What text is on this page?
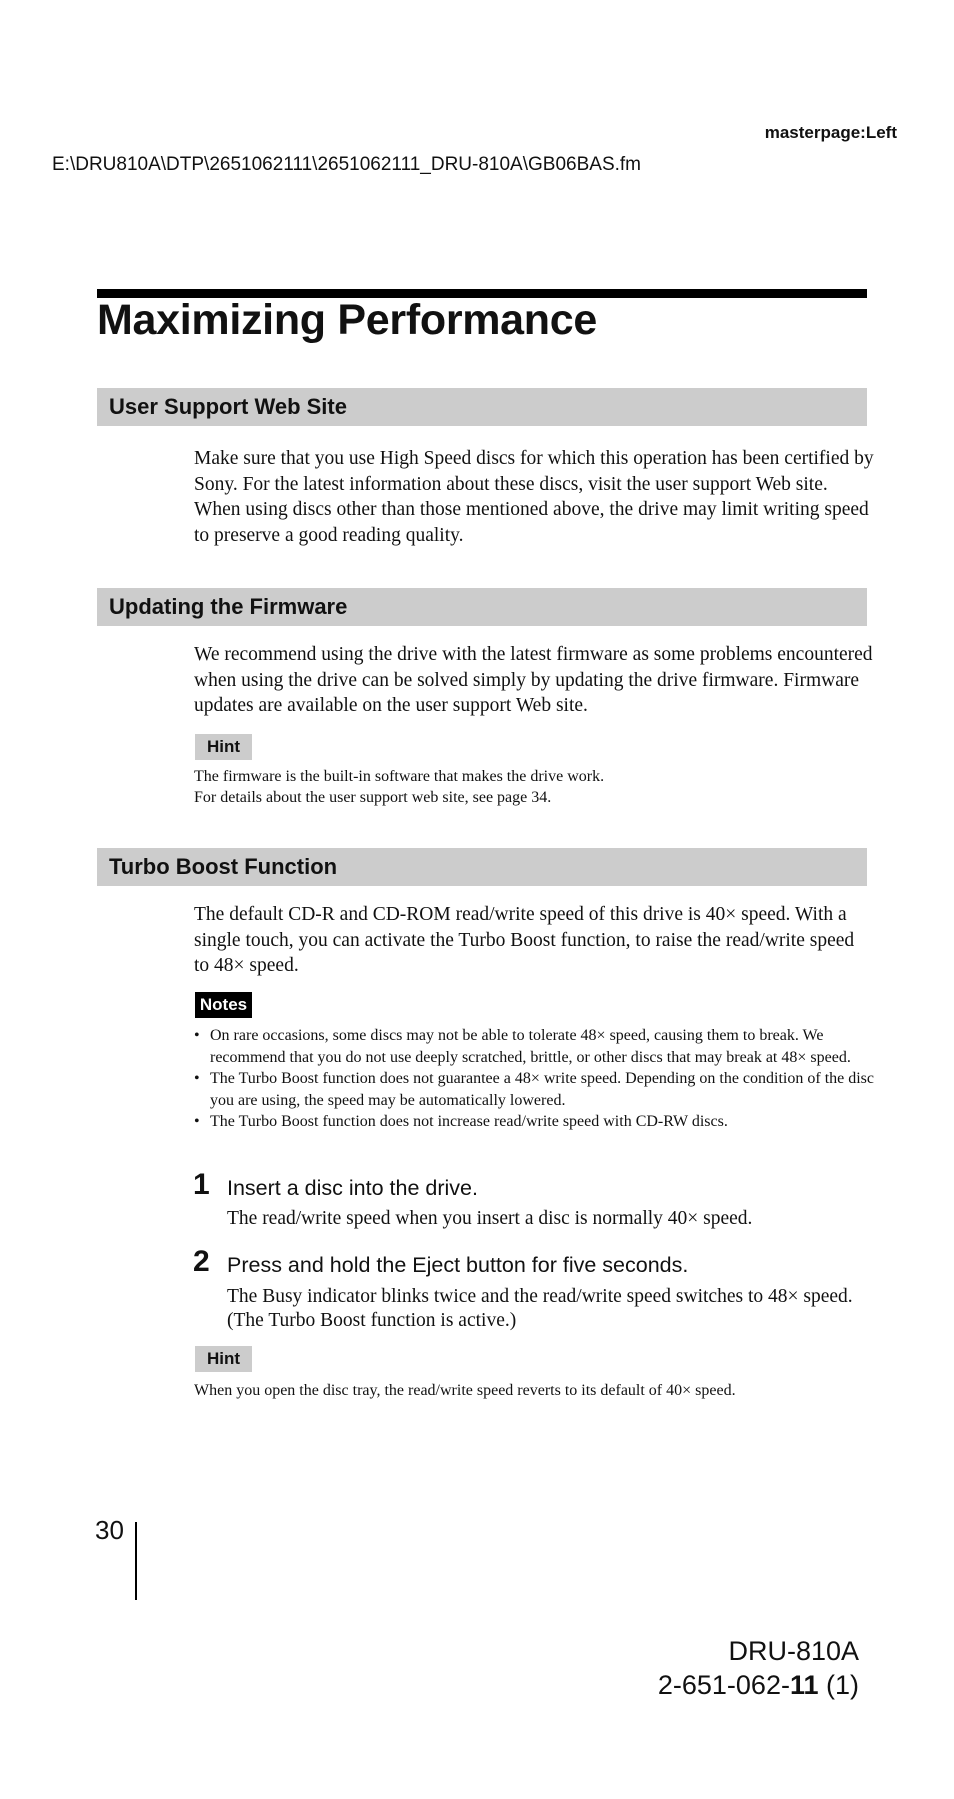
masterpage:Left
E:\DRU810A\DTP\2651062111\2651062111_DRU-810A\GB06BAS.fm
Maximizing Performance
User Support Web Site

Make sure that you use High Speed discs for which this operation has been certified by Sony. For the latest information about these discs, visit the user support Web site. When using discs other than those mentioned above, the drive may limit writing speed to preserve a good reading quality.

Updating the Firmware

We recommend using the drive with the latest firmware as some problems encountered when using the drive can be solved simply by updating the drive firmware. Firmware updates are available on the user support Web site.

Hint

The firmware is the built-in software that makes the drive work.

For details about the user support web site, see page 34.

Turbo Boost Function

The default CD-R and CD-ROM read/write speed of this drive is 40× speed. With a single touch, you can activate the Turbo Boost function, to raise the read/write speed to 48× speed.

Notes
• On rare occasions, some discs may not be able to tolerate 48× speed, causing them to break. We recommend that you do not use deeply scratched, brittle, or other discs that may break at 48× speed.
• The Turbo Boost function does not guarantee a 48× write speed. Depending on the condition of the disc you are using, the speed may be automatically lowered.
• The Turbo Boost function does not increase read/write speed with CD-RW discs.
1 Insert a disc into the drive.

The read/write speed when you insert a disc is normally 40× speed.

2 Press and hold the Eject button for five seconds.

The Busy indicator blinks twice and the read/write speed switches to 48× speed. (The Turbo Boost function is active.)

Hint

When you open the disc tray, the read/write speed reverts to its default of 40× speed.

30
DRU-810A
2-651-062-11 (1)
